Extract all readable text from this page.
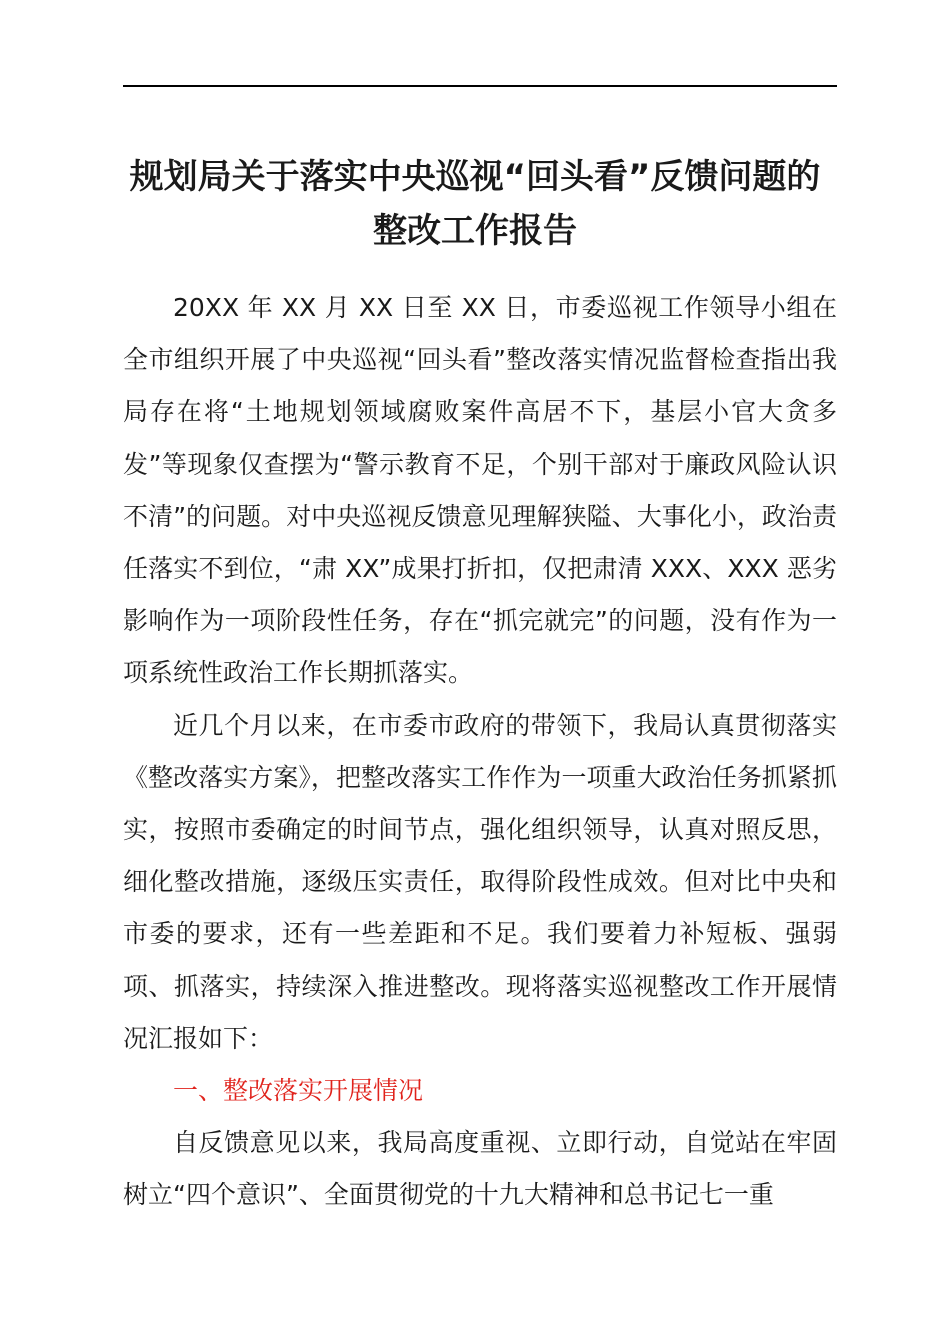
规划局关于落实中央巡视“回头看”反馈问题的
整改工作报告

20XX 年 XX 月 XX 日至 XX 日，市委巡视工作领导小组在全市组织开展了中央巡视“回头看”整改落实情况监督检查指出我局存在将“土地规划领域腐败案件高居不下，基层小官大贪多发”等现象仅查摆为“警示教育不足，个别干部对于廉政风险认识不清”的问题。对中央巡视反馈意见理解狭隘、大事化小，政治责任落实不到位，“肃 XX”成果打折扣，仅把肃清 XXX、XXX 恶劣影响作为一项阶段性任务，存在“抓完就完”的问题，没有作为一项系统性政治工作长期抓落实。

近几个月以来，在市委市政府的带领下，我局认真贯彻落实《整改落实方案》，把整改落实工作作为一项重大政治任务抓紧抓实，按照市委确定的时间节点，强化组织领导，认真对照反思，细化整改措施，逐级压实责任，取得阶段性成效。但对比中央和市委的要求，还有一些差距和不足。我们要着力补短板、强弱项、抓落实，持续深入推进整改。现将落实巡视整改工作开展情况汇报如下：

一、整改落实开展情况

自反馈意见以来，我局高度重视、立即行动，自觉站在牢固树立“四个意识”、全面贯彻党的十九大精神和总书记七一重
